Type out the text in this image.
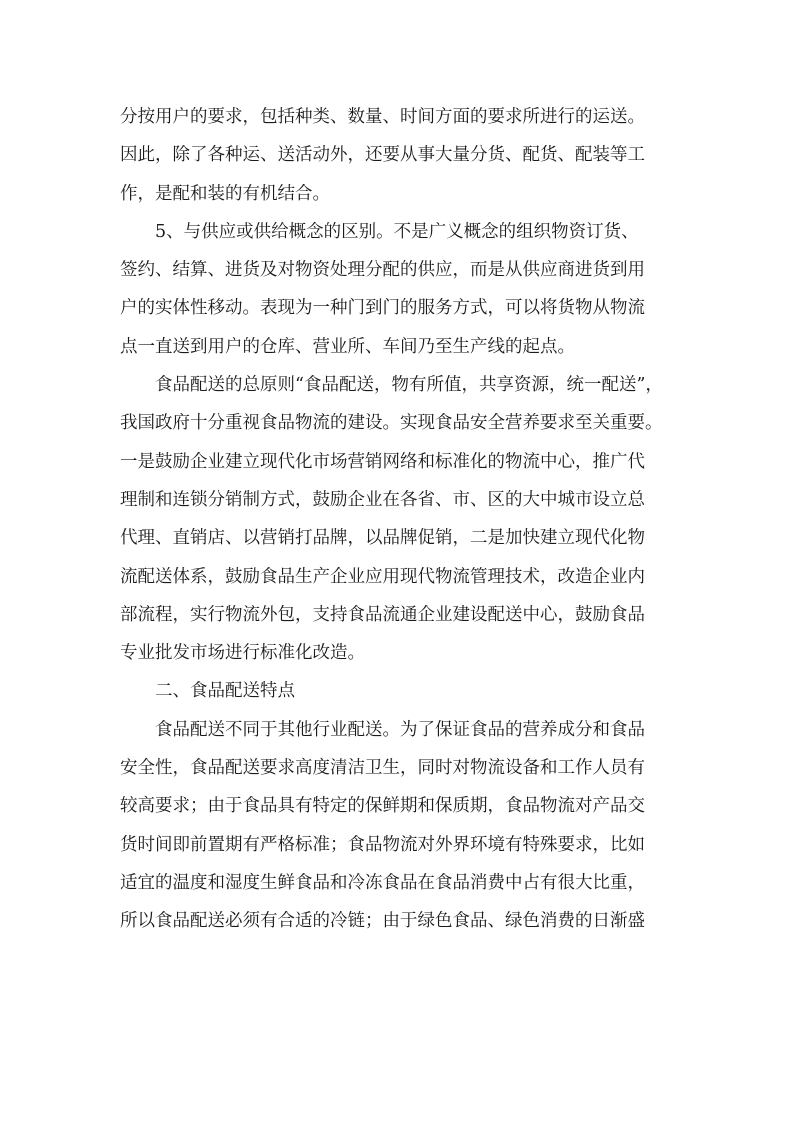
分按用户的要求，包括种类、数量、时间方面的要求所进行的运送。
因此，除了各种运、送活动外，还要从事大量分货、配货、配装等工
作，是配和装的有机结合。
5、与供应或供给概念的区别。不是广义概念的组织物资订货、
签约、结算、进货及对物资处理分配的供应，而是从供应商进货到用
户的实体性移动。表现为一种门到门的服务方式，可以将货物从物流
点一直送到用户的仓库、营业所、车间乃至生产线的起点。
食品配送的总原则“食品配送，物有所值，共享资源，统一配送”，
我国政府十分重视食品物流的建设。实现食品安全营养要求至关重要。
一是鼓励企业建立现代化市场营销网络和标准化的物流中心，推广代
理制和连锁分销制方式，鼓励企业在各省、市、区的大中城市设立总
代理、直销店、以营销打品牌，以品牌促销，二是加快建立现代化物
流配送体系，鼓励食品生产企业应用现代物流管理技术，改造企业内
部流程，实行物流外包，支持食品流通企业建设配送中心，鼓励食品
专业批发市场进行标准化改造。
二、食品配送特点
食品配送不同于其他行业配送。为了保证食品的营养成分和食品
安全性，食品配送要求高度清洁卫生，同时对物流设备和工作人员有
较高要求；由于食品具有特定的保鲜期和保质期，食品物流对产品交
货时间即前置期有严格标准；食品物流对外界环境有特殊要求，比如
适宜的温度和湿度生鲜食品和冷冻食品在食品消费中占有很大比重，
所以食品配送必须有合适的冷链；由于绿色食品、绿色消费的日渐盛
